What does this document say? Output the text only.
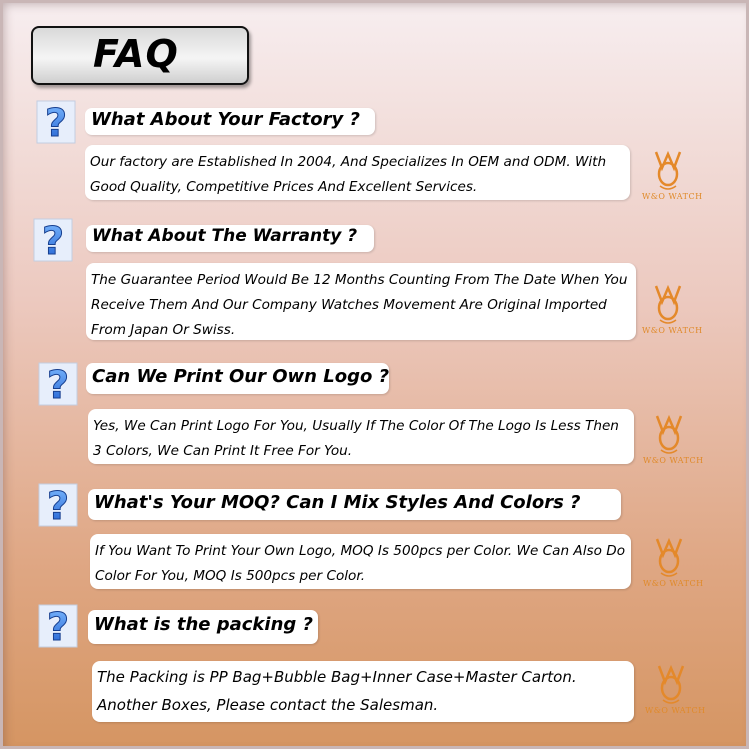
FAQ
? What About Your Factory ?
Our factory are Established In 2004, And Specializes In OEM and ODM. With Good Quality, Competitive Prices And Excellent Services.
W&O WATCH
? What About The Warranty ?
The Guarantee Period Would Be 12 Months Counting From The Date When You Receive Them And Our Company Watches Movement Are Original Imported From Japan Or Swiss.	W&O WATCH
? Can We Print Our Own Logo ?
Yes, We Can Print Logo For You, Usually If The Color Of The Logo Is Less Then 3 Colors, We Can Print It Free For You.
W&O WATCH
? What's Your MOQ? Can I Mix Styles And Colors ?
If You Want To Print Your Own Logo, MOQ Is 500pcs per Color. We Can Also Do Color For You, MOQ Is 500pcs per Color.	W&O WATCH
? What is the packing ?
The Packing is PP Bag+Bubble Bag+Inner Case+Master Carton. Another Boxes, Please contact the Salesman.	W&O WATCH
